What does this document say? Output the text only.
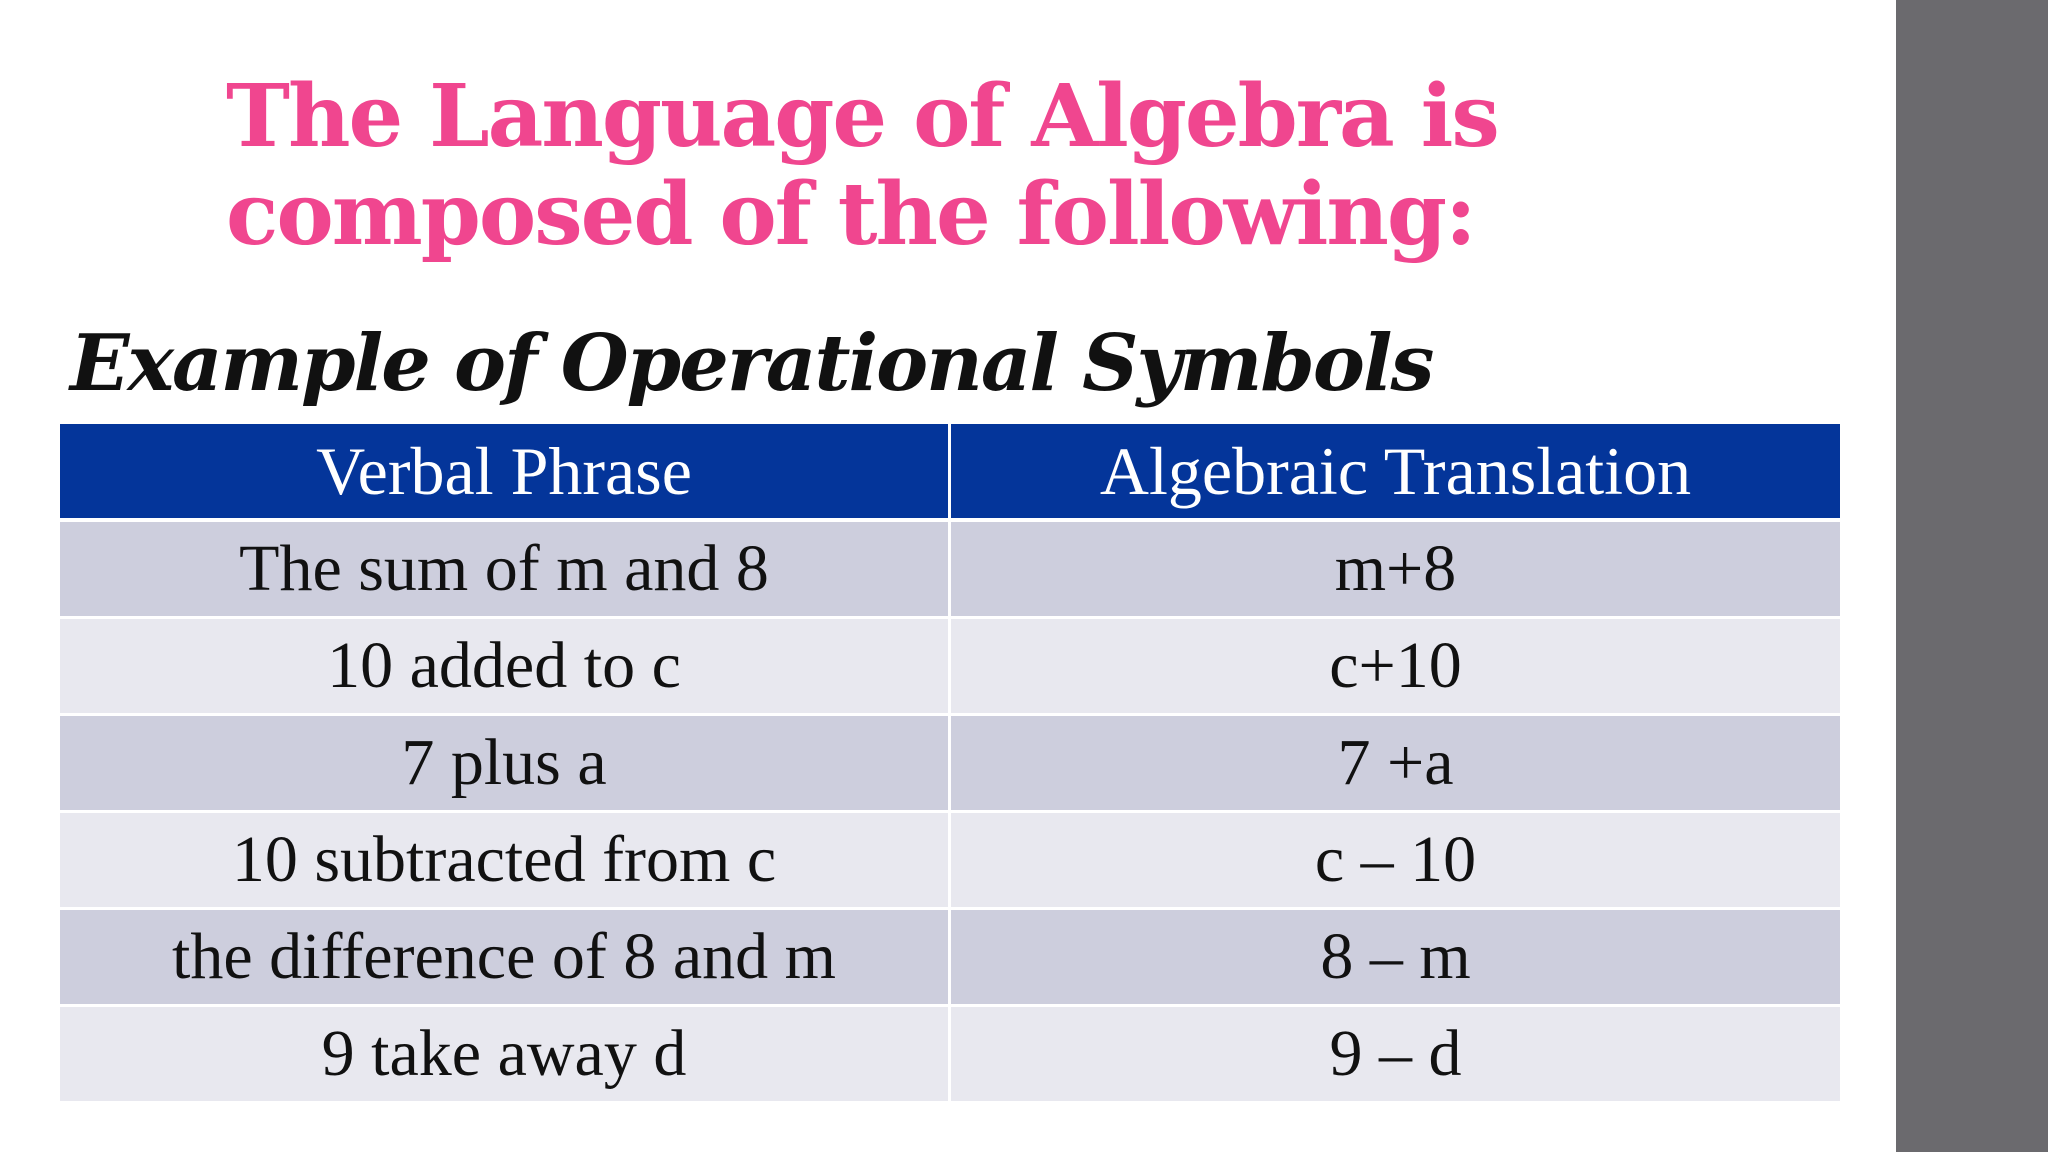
The Language of Algebra is composed of the following:
Example of Operational Symbols
Verbal Phrase	Algebraic Translation
The sum of m and 8	m+8
10 added to c	c+10
7 plus a	7 +a
10 subtracted from c	c – 10
the difference of 8 and m	8 – m
9 take away d	9 – d
